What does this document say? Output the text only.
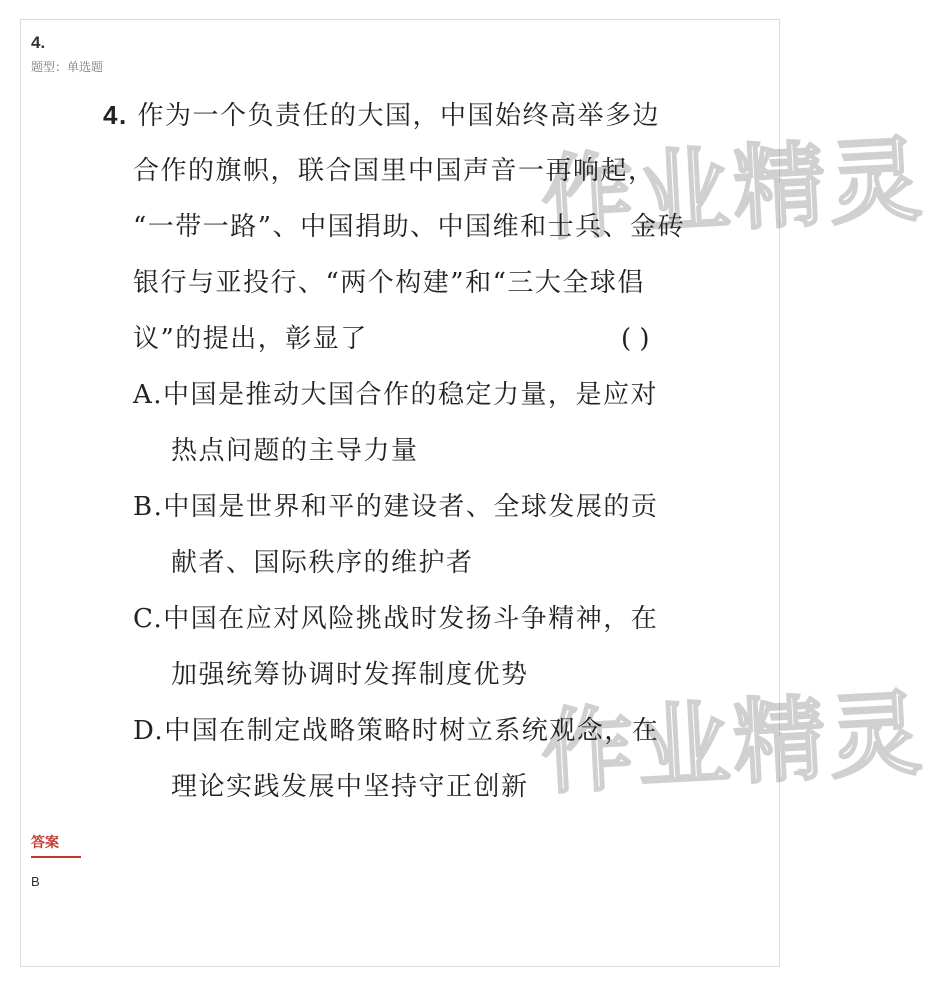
4.
题型：单选题
作业精灵
作业精灵
4. 作为一个负责任的大国，中国始终高举多边
合作的旗帜，联合国里中国声音一再响起，
“一带一路”、中国捐助、中国维和士兵、金砖
银行与亚投行、“两个构建”和“三大全球倡
议”的提出，彰显了	( )
A.中国是推动大国合作的稳定力量，是应对
热点问题的主导力量
B.中国是世界和平的建设者、全球发展的贡
献者、国际秩序的维护者
C.中国在应对风险挑战时发扬斗争精神，在
加强统筹协调时发挥制度优势
D.中国在制定战略策略时树立系统观念，在
理论实践发展中坚持守正创新
答案
B
